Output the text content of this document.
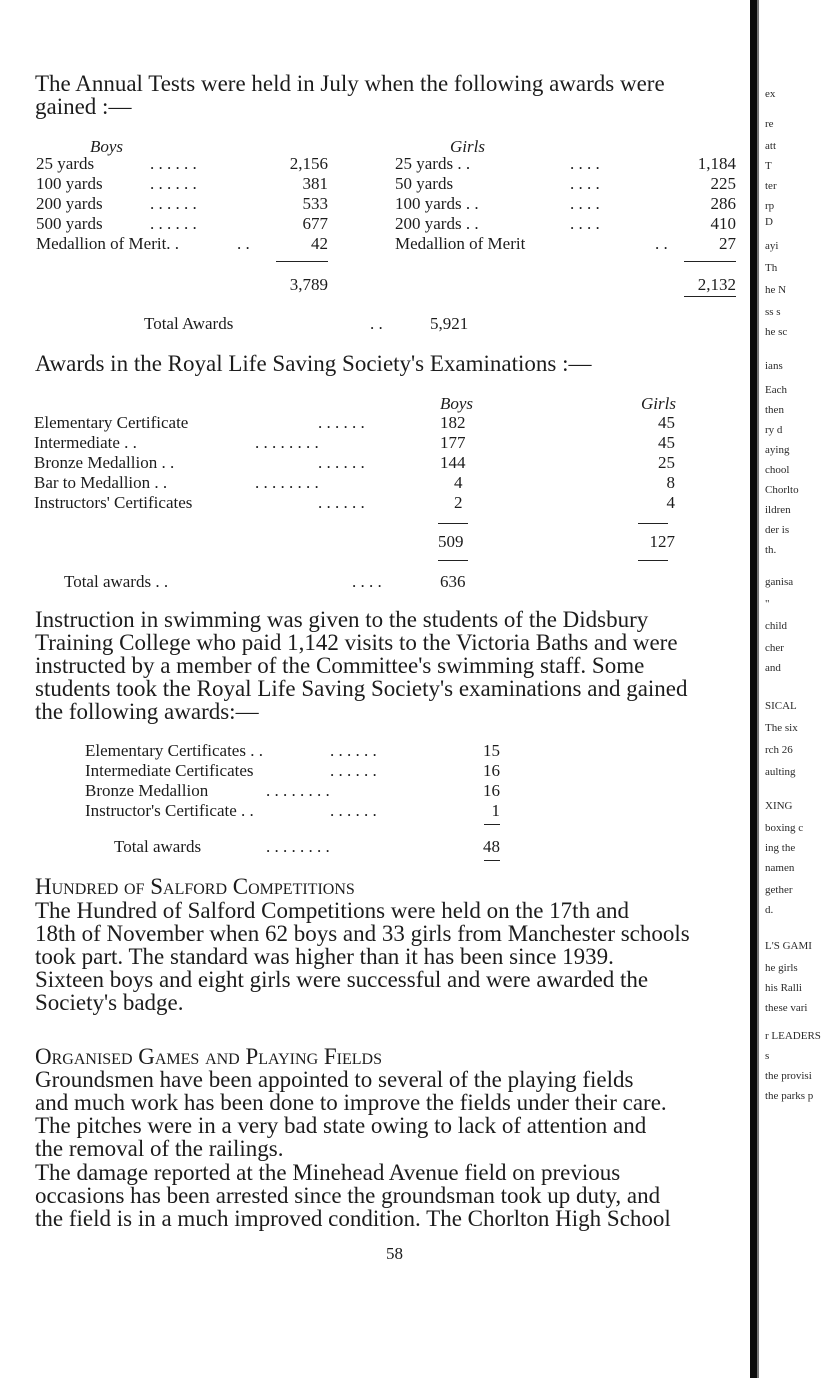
The Annual Tests were held in July when the following awards were
gained :—
Boys	Girls
25 yards	. . . . . .	2,156
100 yards	. . . . . .	381
200 yards	. . . . . .	533
500 yards	. . . . . .	677
Medallion of Merit. .	. .	42
25 yards . .	. . . .	1,184
50 yards	. . . .	225
100 yards . .	. . . .	286
200 yards . .	. . . .	410
Medallion of Merit	. .	27
3,789	2,132
Total Awards	. .	5,921
Awards in the Royal Life Saving Society's Examinations :—
Boys	Girls
Elementary Certificate	. . . . . .	182	45
Intermediate . .	. . . . . . . .	177	45
Bronze Medallion . .	. . . . . .	144	25
Bar to Medallion . .	. . . . . . . .	4	8
Instructors' Certificates	. . . . . .	2	4
509	127
Total awards . .	. . . .	636
Instruction in swimming was given to the students of the Didsbury
Training College who paid 1,142 visits to the Victoria Baths and were
instructed by a member of the Committee's swimming staff. Some
students took the Royal Life Saving Society's examinations and gained
the following awards:—
Elementary Certificates . .	. . . . . .	15
Intermediate Certificates	. . . . . .	16
Bronze Medallion	. . . . . . . .	16
Instructor's Certificate . .	. . . . . .	1
Total awards	. . . . . . . .	48
Hundred of Salford Competitions
The Hundred of Salford Competitions were held on the 17th and
18th of November when 62 boys and 33 girls from Manchester schools
took part. The standard was higher than it has been since 1939.
Sixteen boys and eight girls were successful and were awarded the
Society's badge.
Organised Games and Playing Fields
Groundsmen have been appointed to several of the playing fields
and much work has been done to improve the fields under their care.
The pitches were in a very bad state owing to lack of attention and
the removal of the railings.
The damage reported at the Minehead Avenue field on previous
occasions has been arrested since the groundsman took up duty, and
the field is in a much improved condition. The Chorlton High School
58
ex
re
att
T
ter
rp
D
ayi
Th
he N
ss s
he sc
ians
Each
then
ry d
aying
chool
Chorlto
ildren
der is
th.
ganisa
"
child
cher
and
SICAL
The six
rch 26
aulting
XING
boxing c
ing the
namen
gether
d.
L'S GAMI
he girls
his Ralli
these vari
r LEADERS
s
the provisi
the parks p
